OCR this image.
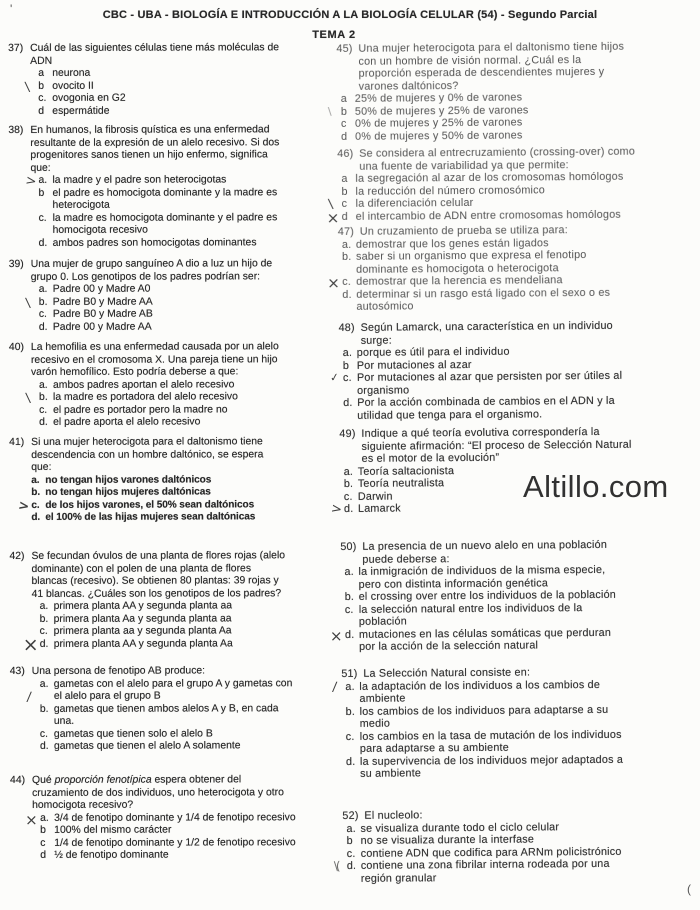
CBC - UBA - BIOLOGÍA E INTRODUCCIÓN A LA BIOLOGÍA CELULAR (54) - Segundo Parcial
TEMA 2
37) Cuál de las siguientes células tiene más moléculas de
ADN
a neurona
\ b ovocito II
c. ovogonia en G2
d espermátide
38) En humanos, la fibrosis quística es una enfermedad
resultante de la expresión de un alelo recesivo. Si dos
progenitores sanos tienen un hijo enfermo, significa
que:
> a. la madre y el padre son heterocigotas
b el padre es homocigota dominante y la madre es
heterocigota
c. la madre es homocigota dominante y el padre es
homocigota recesivo
d. ambos padres son homocigotas dominantes
39) Una mujer de grupo sanguíneo A dio a luz un hijo de
grupo 0. Los genotipos de los padres podrían ser:
a. Padre 00 y Madre A0
\ b. Padre B0 y Madre AA
c. Padre B0 y Madre AB
d. Padre 00 y Madre AA
40) La hemofilia es una enfermedad causada por un alelo
recesivo en el cromosoma X. Una pareja tiene un hijo
varón hemofílico. Esto podría deberse a que:
a. ambos padres aportan el alelo recesivo
\ b. la madre es portadora del alelo recesivo
c. el padre es portador pero la madre no
d. el padre aporta el alelo recesivo
41) Si una mujer heterocigota para el daltonismo tiene
descendencia con un hombre daltónico, se espera
que:
a. no tengan hijos varones daltónicos
b. no tengan hijos mujeres daltónicas
> c. de los hijos varones, el 50% sean daltónicos
d. el 100% de las hijas mujeres sean daltónicas
42) Se fecundan óvulos de una planta de flores rojas (alelo
dominante) con el polen de una planta de flores
blancas (recesivo). Se obtienen 80 plantas: 39 rojas y
41 blancas. ¿Cuáles son los genotipos de los padres?
a. primera planta AA y segunda planta aa
b. primera planta Aa y segunda planta aa
c. primera planta aa y segunda planta Aa
× d. primera planta AA y segunda planta Aa
43) Una persona de fenotipo AB produce:
/
a. gametas con el alelo para el grupo A y gametas con
el alelo para el grupo B
b. gametas que tienen ambos alelos A y B, en cada
una.
c. gametas que tienen solo el alelo B
d. gametas que tienen el alelo A solamente
44) Qué proporción fenotípica espera obtener del
cruzamiento de dos individuos, uno heterocigota y otro
homocigota recesivo?
× a. 3/4 de fenotipo dominante y 1/4 de fenotipo recesivo
b 100% del mismo carácter
c 1/4 de fenotipo dominante y 1/2 de fenotipo recesivo
d ½ de fenotipo dominante
45) Una mujer heterocigota para el daltonismo tiene hijos
con un hombre de visión normal. ¿Cuál es la
proporción esperada de descendientes mujeres y
varones daltónicos?
a 25% de mujeres y 0% de varones
\ b 50% de mujeres y 25% de varones
c 0% de mujeres y 25% de varones
d 0% de mujeres y 50% de varones
46) Se considera al entrecruzamiento (crossing-over) como
una fuente de variabilidad ya que permite:
a la segregación al azar de los cromosomas homólogos
b la reducción del número cromosómico
\ c la diferenciación celular
× d el intercambio de ADN entre cromosomas homólogos
47) Un cruzamiento de prueba se utiliza para:
a. demostrar que los genes están ligados
b. saber si un organismo que expresa el fenotipo
dominante es homocigota o heterocigota
× c. demostrar que la herencia es mendeliana
d. determinar si un rasgo está ligado con el sexo o es
autosómico
48) Según Lamarck, una característica en un individuo
surge:
a. porque es útil para el individuo
b Por mutaciones al azar
✓ c. Por mutaciones al azar que persisten por ser útiles al
organismo
d. Por la acción combinada de cambios en el ADN y la
utilidad que tenga para el organismo.
49) Indique a qué teoría evolutiva correspondería la
siguiente afirmación: “El proceso de Selección Natural
es el motor de la evolución”
a. Teoría saltacionista
b. Teoría neutralista
c. Darwin
> d. Lamarck
50) La presencia de un nuevo alelo en una población
puede deberse a:
a. la inmigración de individuos de la misma especie,
pero con distinta información genética
b. el crossing over entre los individuos de la población
c. la selección natural entre los individuos de la
población
× d. mutaciones en las células somáticas que perduran
por la acción de la selección natural
51) La Selección Natural consiste en:
/ a. la adaptación de los individuos a los cambios de
ambiente
b. los cambios de los individuos para adaptarse a su
medio
c. los cambios en la tasa de mutación de los individuos
para adaptarse a su ambiente
d. la supervivencia de los individuos mejor adaptados a
su ambiente
52) El nucleolo:
a. se visualiza durante todo el ciclo celular
b no se visualiza durante la interfase
c. contiene ADN que codifica para ARNm policistrónico
\( d. contiene una zona fibrilar interna rodeada por una
región granular
Altillo.com
'
(
